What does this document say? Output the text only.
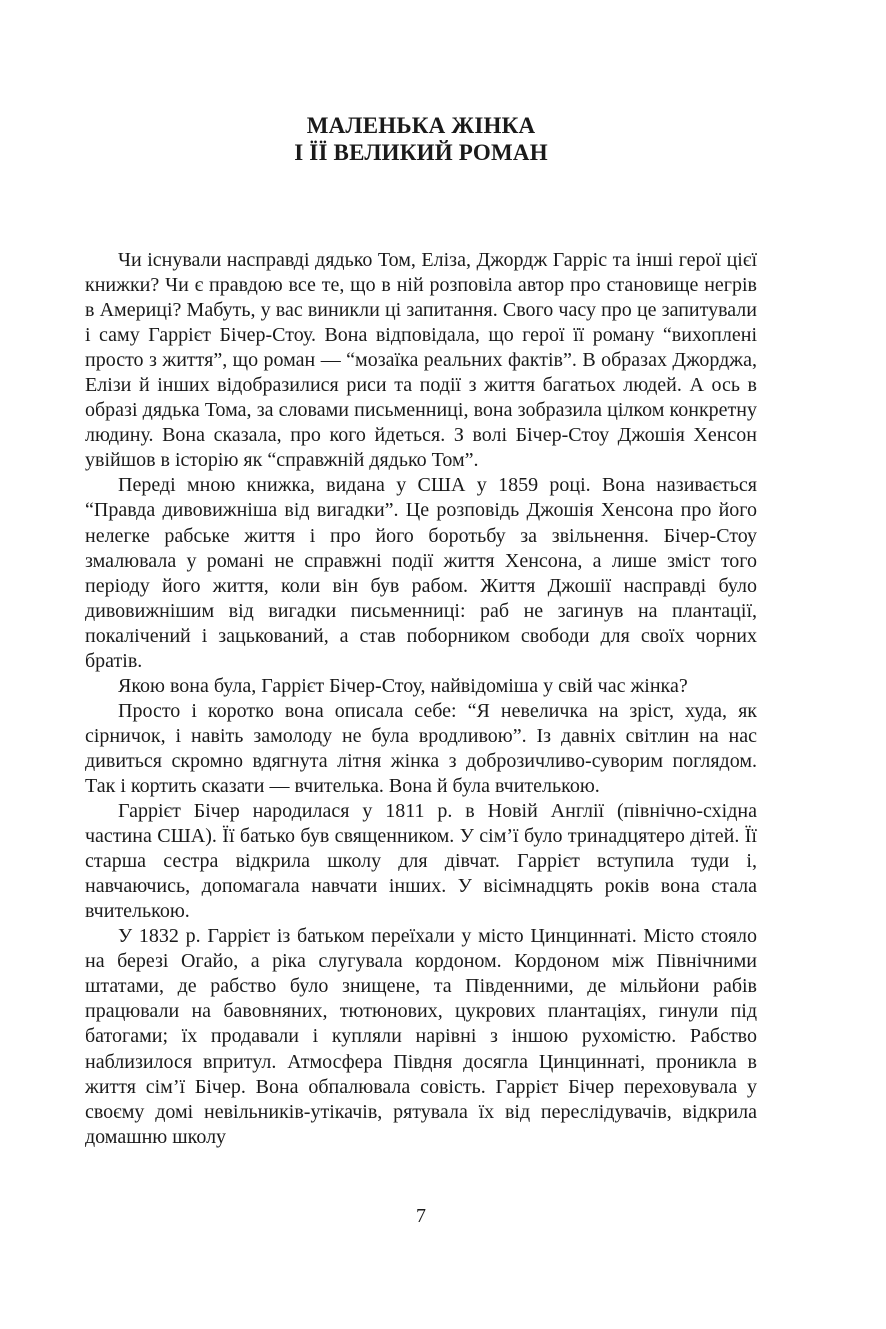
МАЛЕНЬКА ЖІНКА
І ЇЇ ВЕЛИКИЙ РОМАН

Чи існували насправді дядько Том, Еліза, Джордж Гарріс та інші герої цієї книжки? Чи є правдою все те, що в ній розповіла автор про становище негрів в Америці? Мабуть, у вас виникли ці запитання. Свого часу про це запитували і саму Гаррієт Бічер-Стоу. Вона відповідала, що герої її роману “вихоплені просто з життя”, що роман — “мозаїка реальних фактів”. В образах Джорджа, Елізи й інших відобразилися риси та події з життя багатьох людей. А ось в образі дядька Тома, за словами письменниці, вона зобразила цілком конкретну людину. Вона сказала, про кого йдеться. З волі Бічер-Стоу Джошія Хенсон увійшов в історію як “справжній дядько Том”.

Переді мною книжка, видана у США у 1859 році. Вона називається “Правда дивовижніша від вигадки”. Це розповідь Джошія Хенсона про його нелегке рабське життя і про його боротьбу за звільнення. Бічер-Стоу змалювала у романі не справжні події життя Хенсона, а лише зміст того періоду його життя, коли він був рабом. Життя Джошії насправді було дивовижнішим від вигадки письменниці: раб не загинув на плантації, покалічений і зацькований, а став поборником свободи для своїх чорних братів.

Якою вона була, Гаррієт Бічер-Стоу, найвідоміша у свій час жінка?

Просто і коротко вона описала себе: “Я невеличка на зріст, худа, як сірничок, і навіть замолоду не була вродливою”. Із давніх світлин на нас дивиться скромно вдягнута літня жінка з доброзичливо-суворим поглядом. Так і кортить сказати — вчителька. Вона й була вчителькою.

Гаррієт Бічер народилася у 1811 р. в Новій Англії (північно-східна частина США). Її батько був священником. У сім’ї було тринадцятеро дітей. Її старша сестра відкрила школу для дівчат. Гаррієт вступила туди і, навчаючись, допомагала навчати інших. У вісімнадцять років вона стала вчителькою.

У 1832 р. Гаррієт із батьком переїхали у місто Цинциннаті. Місто стояло на березі Огайо, а ріка слугувала кордоном. Кордоном між Північними штатами, де рабство було знищене, та Південними, де мільйони рабів працювали на бавовняних, тютюнових, цукрових плантаціях, гинули під батогами; їх продавали і купляли нарівні з іншою рухомістю. Рабство наблизилося впритул. Атмосфера Півдня досягла Цинциннаті, проникла в життя сім’ї Бічер. Вона обпалювала совість. Гаррієт Бічер переховувала у своєму домі невільників-утікачів, рятувала їх від переслідувачів, відкрила домашню школу

7
